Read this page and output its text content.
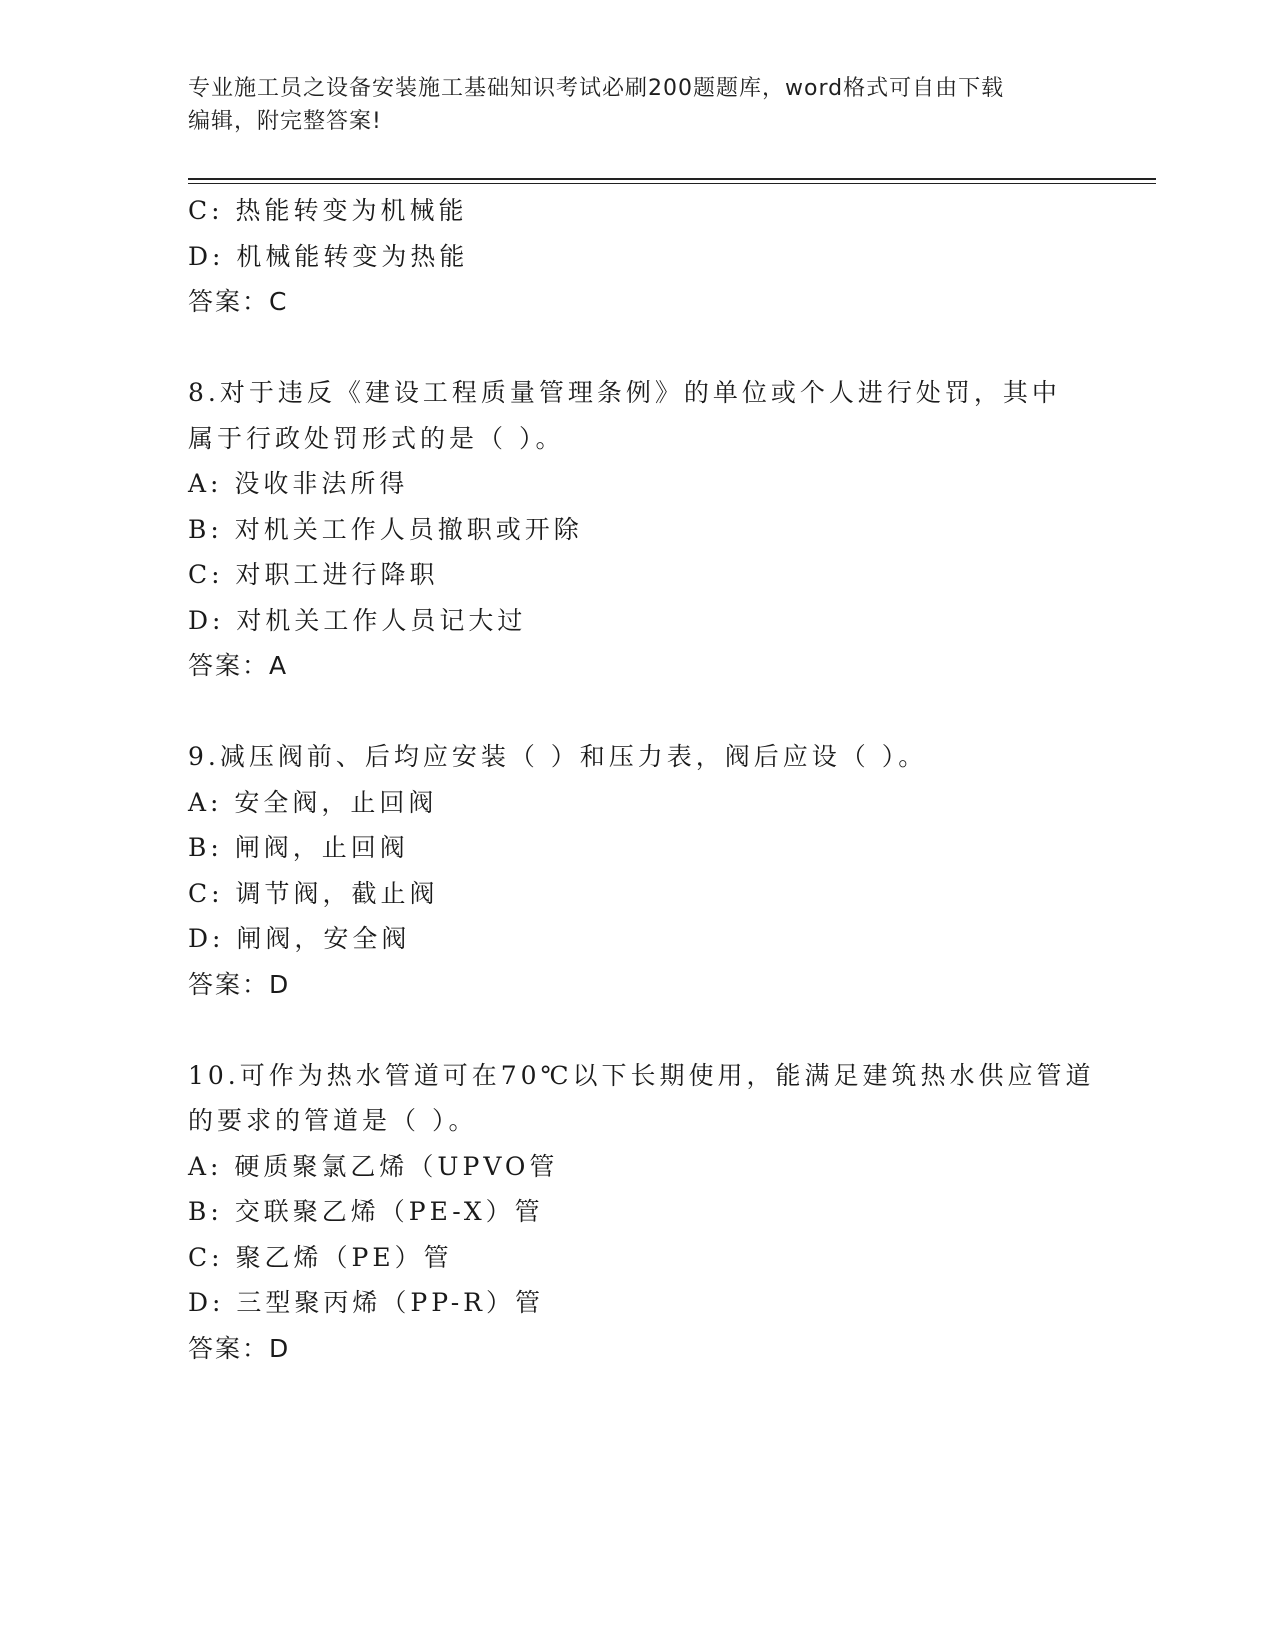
专业施工员之设备安装施工基础知识考试必刷200题题库，word格式可自由下载
编辑，附完整答案!
C: 热能转变为机械能
D: 机械能转变为热能
答案：C
8.对于违反《建设工程质量管理条例》的单位或个人进行处罚，其中
属于行政处罚形式的是（ ）。
A: 没收非法所得
B: 对机关工作人员撤职或开除
C: 对职工进行降职
D: 对机关工作人员记大过
答案：A
9.减压阀前、后均应安装（ ）和压力表，阀后应设（ ）。
A: 安全阀，止回阀
B: 闸阀，止回阀
C: 调节阀，截止阀
D: 闸阀，安全阀
答案：D
10.可作为热水管道可在70℃以下长期使用，能满足建筑热水供应管道
的要求的管道是（ ）。
A: 硬质聚氯乙烯（UPVO管
B: 交联聚乙烯（PE-X）管
C: 聚乙烯（PE）管
D: 三型聚丙烯（PP-R）管
答案：D
